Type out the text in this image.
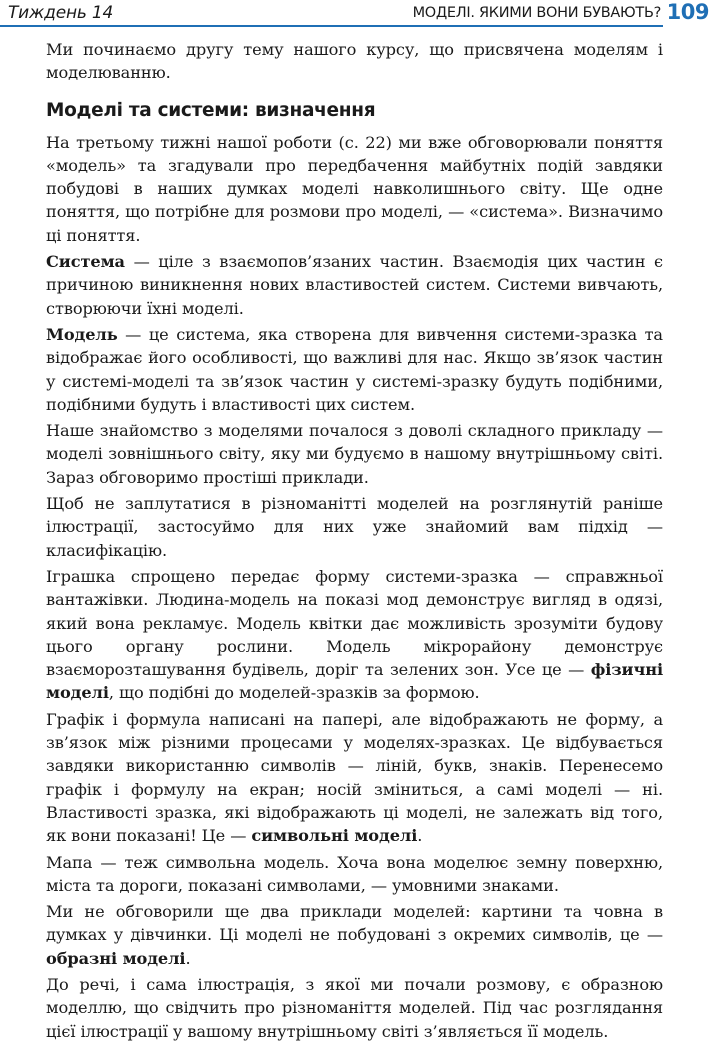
Тиждень 14	МОДЕЛІ. ЯКИМИ ВОНИ БУВАЮТЬ? 109

Ми починаємо другу тему нашого курсу, що присвячена моделям і моделюванню.

Моделі та системи: визначення

На третьому тижні нашої роботи (с. 22) ми вже обговорювали поняття «модель» та згадували про передбачення майбутніх подій завдяки побудові в наших думках моделі навколишнього світу. Ще одне поняття, що потрібне для розмови про моделі, — «система». Визначимо ці поняття.

Система — ціле з взаємопов’язаних частин. Взаємодія цих частин є причиною виникнення нових властивостей систем. Системи вивчають, створюючи їхні моделі.

Модель — це система, яка створена для вивчення системи-зразка та відображає його особливості, що важливі для нас. Якщо зв’язок частин у системі-моделі та зв’язок частин у системі-зразку будуть подібними, подібними будуть і властивості цих систем.

Наше знайомство з моделями почалося з доволі складного прикладу — моделі зовнішнього світу, яку ми будуємо в нашому внутрішньому світі. Зараз обговоримо простіші приклади.

Щоб не заплутатися в різноманітті моделей на розглянутій раніше ілюстрації, застосуймо для них уже знайомий вам підхід — класифікацію.

Іграшка спрощено передає форму системи-зразка — справжньої вантажівки. Людина-модель на показі мод демонструє вигляд в одязі, який вона рекламує. Модель квітки дає можливість зрозуміти будову цього органу рослини. Модель мікрорайону демонструє взаєморозташування будівель, доріг та зелених зон. Усе це — фізичні моделі, що подібні до моделей-зразків за формою.

Графік і формула написані на папері, але відображають не форму, а зв’язок між різними процесами у моделях-зразках. Це відбувається завдяки використанню символів — ліній, букв, знаків. Перенесемо графік і формулу на екран; носій зміниться, а самі моделі — ні. Властивості зразка, які відображають ці моделі, не залежать від того, як вони показані! Це — символьні моделі.

Мапа — теж символьна модель. Хоча вона моделює земну поверхню, міста та дороги, показані символами, — умовними знаками.

Ми не обговорили ще два приклади моделей: картини та човна в думках у дівчинки. Ці моделі не побудовані з окремих символів, це — образні моделі.

До речі, і сама ілюстрація, з якої ми почали розмову, є образною моделлю, що свідчить про різноманіття моделей. Під час розглядання цієї ілюстрації у вашому внутрішньому світі з’являється її модель.
